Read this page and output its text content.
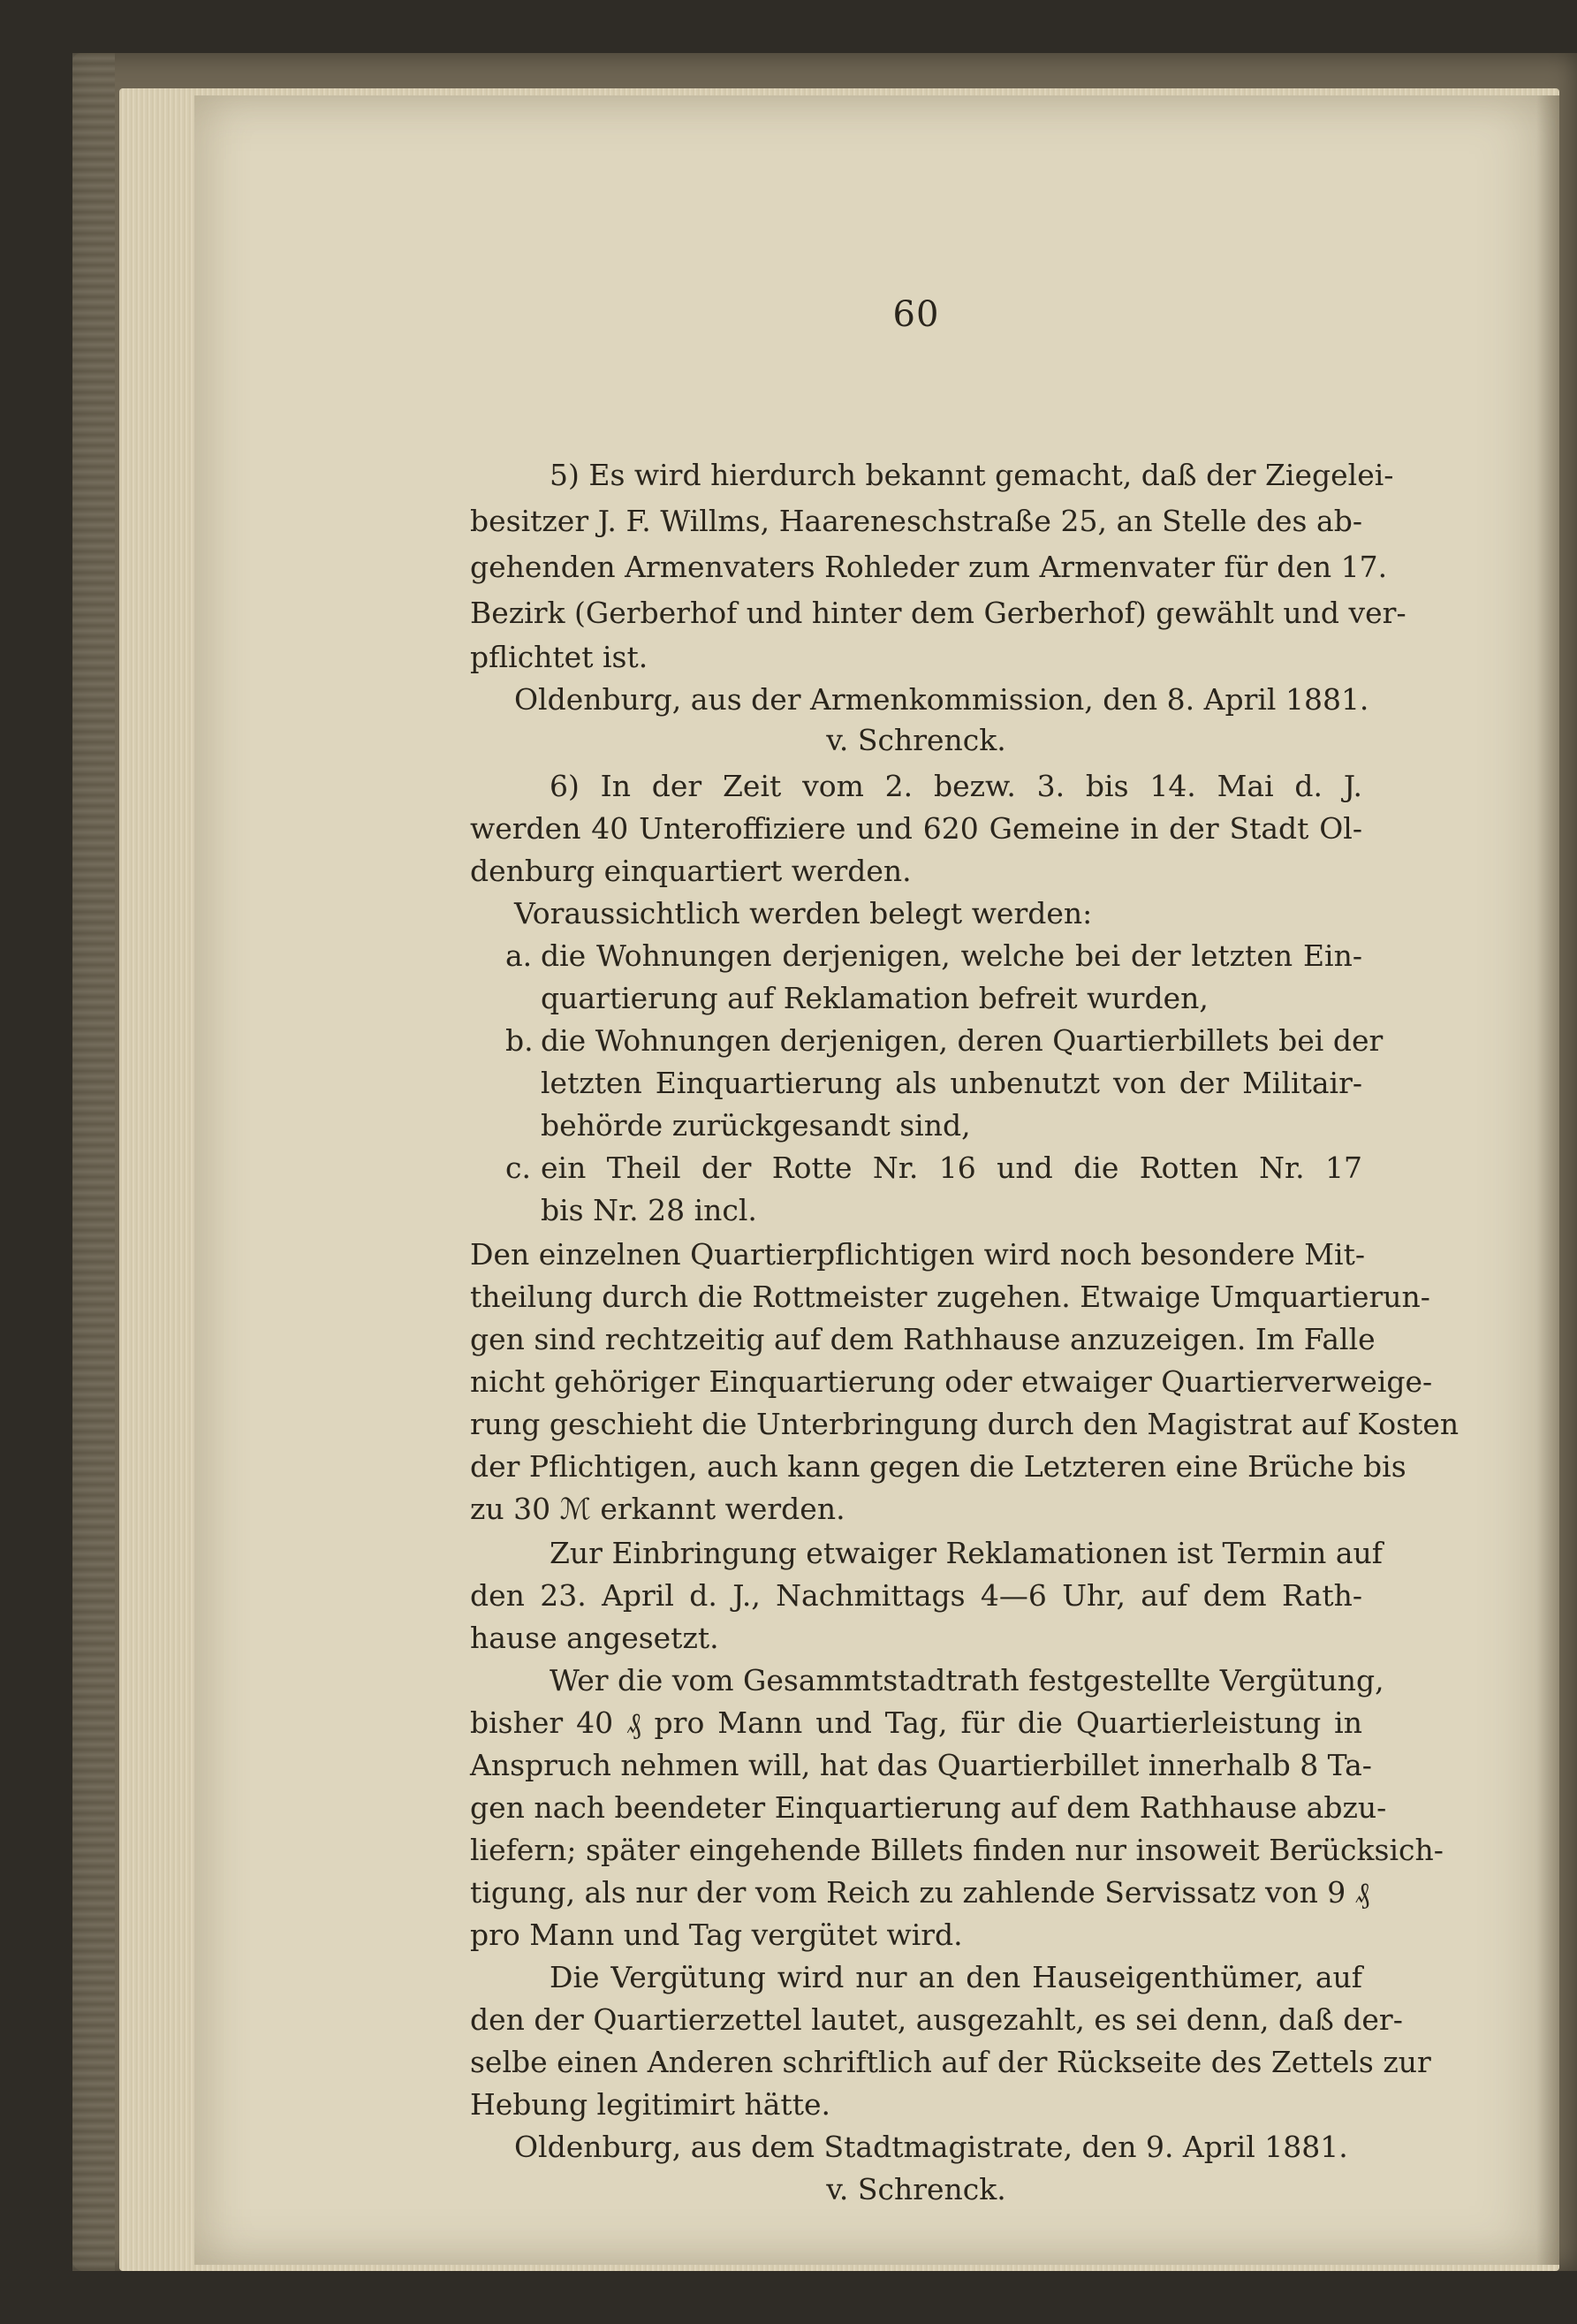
60
5) Es wird hierdurch bekannt gemacht, daß der Ziegelei-
besitzer J. F. Willms, Haareneschstraße 25, an Stelle des ab-
gehenden Armenvaters Rohleder zum Armenvater für den 17.
Bezirk (Gerberhof und hinter dem Gerberhof) gewählt und ver-
pflichtet ist.
Oldenburg, aus der Armenkommission, den 8. April 1881.
v. Schrenck.
6) In der Zeit vom 2. bezw. 3. bis 14. Mai d. J.
werden 40 Unteroffiziere und 620 Gemeine in der Stadt Ol-
denburg einquartiert werden.
Voraussichtlich werden belegt werden:
a. die Wohnungen derjenigen, welche bei der letzten Ein-
quartierung auf Reklamation befreit wurden,
b. die Wohnungen derjenigen, deren Quartierbillets bei der
letzten Einquartierung als unbenutzt von der Militair-
behörde zurückgesandt sind,
c. ein Theil der Rotte Nr. 16 und die Rotten Nr. 17
bis Nr. 28 incl.
Den einzelnen Quartierpflichtigen wird noch besondere Mit-
theilung durch die Rottmeister zugehen. Etwaige Umquartierun-
gen sind rechtzeitig auf dem Rathhause anzuzeigen. Im Falle
nicht gehöriger Einquartierung oder etwaiger Quartierverweige-
rung geschieht die Unterbringung durch den Magistrat auf Kosten
der Pflichtigen, auch kann gegen die Letzteren eine Brüche bis
zu 30 ℳ erkannt werden.
Zur Einbringung etwaiger Reklamationen ist Termin auf
den 23. April d. J., Nachmittags 4—6 Uhr, auf dem Rath-
hause angesetzt.
Wer die vom Gesammtstadtrath festgestellte Vergütung,
bisher 40 ₰ pro Mann und Tag, für die Quartierleistung in
Anspruch nehmen will, hat das Quartierbillet innerhalb 8 Ta-
gen nach beendeter Einquartierung auf dem Rathhause abzu-
liefern; später eingehende Billets finden nur insoweit Berücksich-
tigung, als nur der vom Reich zu zahlende Servissatz von 9 ₰
pro Mann und Tag vergütet wird.
Die Vergütung wird nur an den Hauseigenthümer, auf
den der Quartierzettel lautet, ausgezahlt, es sei denn, daß der-
selbe einen Anderen schriftlich auf der Rückseite des Zettels zur
Hebung legitimirt hätte.
Oldenburg, aus dem Stadtmagistrate, den 9. April 1881.
v. Schrenck.
